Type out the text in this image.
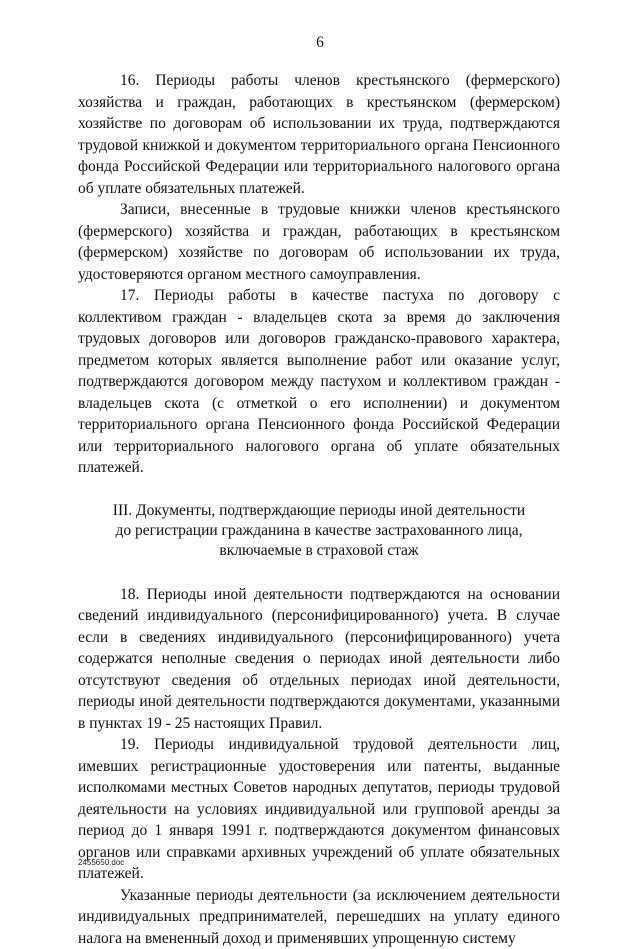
6

16. Периоды работы членов крестьянского (фермерского) хозяйства и граждан, работающих в крестьянском (фермерском) хозяйстве по договорам об использовании их труда, подтверждаются трудовой книжкой и документом территориального органа Пенсионного фонда Российской Федерации или территориального налогового органа об уплате обязательных платежей.

Записи, внесенные в трудовые книжки членов крестьянского (фермерского) хозяйства и граждан, работающих в крестьянском (фермерском) хозяйстве по договорам об использовании их труда, удостоверяются органом местного самоуправления.

17. Периоды работы в качестве пастуха по договору с коллективом граждан - владельцев скота за время до заключения трудовых договоров или договоров гражданско-правового характера, предметом которых является выполнение работ или оказание услуг, подтверждаются договором между пастухом и коллективом граждан - владельцев скота (с отметкой о его исполнении) и документом территориального органа Пенсионного фонда Российской Федерации или территориального налогового органа об уплате обязательных платежей.

III. Документы, подтверждающие периоды иной деятельности
до регистрации гражданина в качестве застрахованного лица,
включаемые в страховой стаж

18. Периоды иной деятельности подтверждаются на основании сведений индивидуального (персонифицированного) учета. В случае если в сведениях индивидуального (персонифицированного) учета содержатся неполные сведения о периодах иной деятельности либо отсутствуют сведения об отдельных периодах иной деятельности, периоды иной деятельности подтверждаются документами, указанными в пунктах 19 - 25 настоящих Правил.

19. Периоды индивидуальной трудовой деятельности лиц, имевших регистрационные удостоверения или патенты, выданные исполкомами местных Советов народных депутатов, периоды трудовой деятельности на условиях индивидуальной или групповой аренды за период до 1 января 1991 г. подтверждаются документом финансовых органов или справками архивных учреждений об уплате обязательных платежей.

Указанные периоды деятельности (за исключением деятельности индивидуальных предпринимателей, перешедших на уплату единого налога на вмененный доход и применявших упрощенную систему

2455650.doc
